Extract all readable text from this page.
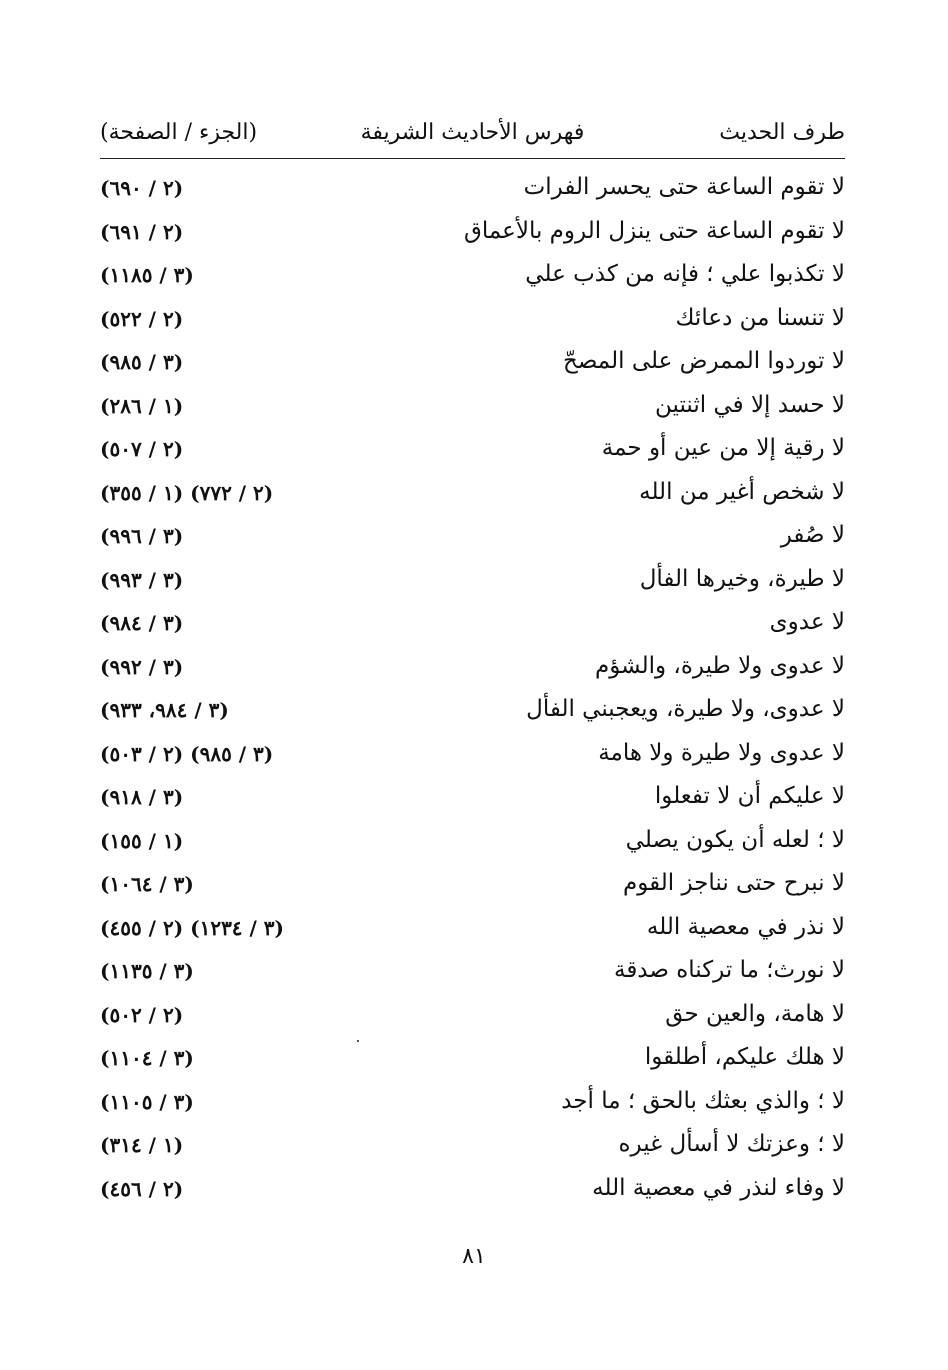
طرف الحديث
فهرس الأحاديث الشريفة
(الجزء / الصفحة)
لا تقوم الساعة حتى يحسر الفرات
(٢ / ٦٩٠)
لا تقوم الساعة حتى ينزل الروم بالأعماق
(٢ / ٦٩١)
لا تكذبوا علي ؛ فإنه من كذب علي
(٣ / ١١٨٥)
لا تنسنا من دعائك
(٢ / ٥٢٢)
لا توردوا الممرض على المصحّ
(٣ / ٩٨٥)
لا حسد إلا في اثنتين
(١ / ٢٨٦)
لا رقية إلا من عين أو حمة
(٢ / ٥٠٧)
لا شخص أغير من الله
(١ / ٣٥٥) (٢ / ٧٧٢)
لا صُفر
(٣ / ٩٩٦)
لا طيرة، وخيرها الفأل
(٣ / ٩٩٣)
لا عدوى
(٣ / ٩٨٤)
لا عدوى ولا طيرة، والشؤم
(٣ / ٩٩٢)
لا عدوى، ولا طيرة، ويعجبني الفأل
(٣ / ٩٨٤، ٩٣٣)
لا عدوى ولا طيرة ولا هامة
(٢ / ٥٠٣) (٣ / ٩٨٥)
لا عليكم أن لا تفعلوا
(٣ / ٩١٨)
لا ؛ لعله أن يكون يصلي
(١ / ١٥٥)
لا نبرح حتى نناجز القوم
(٣ / ١٠٦٤)
لا نذر في معصية الله
(٢ / ٤٥٥) (٣ / ١٢٣٤)
لا نورث؛ ما تركناه صدقة
(٣ / ١١٣٥)
لا هامة، والعين حق
(٢ / ٥٠٢)
لا هلك عليكم، أطلقوا
(٣ / ١١٠٤)
لا ؛ والذي بعثك بالحق ؛ ما أجد
(٣ / ١١٠٥)
لا ؛ وعزتك لا أسأل غيره
(١ / ٣١٤)
لا وفاء لنذر في معصية الله
(٢ / ٤٥٦)
٨١
